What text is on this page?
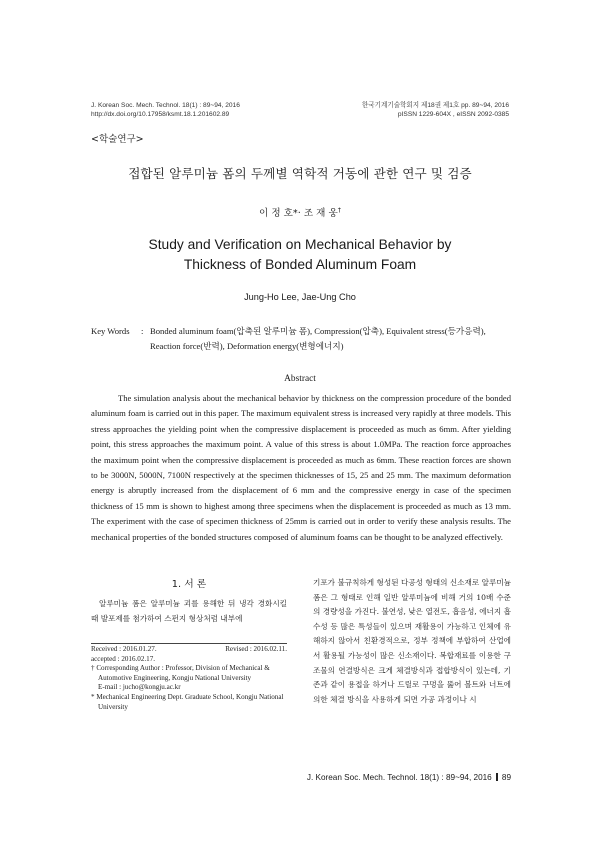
J. Korean Soc. Mech. Technol. 18(1) : 89~94, 2016
http://dx.doi.org/10.17958/ksmt.18.1.201602.89
한국기계기술학회지 제18권 제1호 pp. 89~94, 2016
pISSN 1229-604X , eISSN 2092-0385
<학술연구>
접합된 알루미늄 폼의 두께별 역학적 거동에 관한 연구 및 검증
이 정 호*· 조 재 웅†
Study and Verification on Mechanical Behavior by
Thickness of Bonded Aluminum Foam
Jung-Ho Lee, Jae-Ung Cho
Key Words	: Bonded aluminum foam(압축된 알루미늄 폼), Compression(압축), Equivalent stress(등가응력), Reaction force(반력), Deformation energy(변형에너지)
Abstract

The simulation analysis about the mechanical behavior by thickness on the compression procedure of the bonded aluminum foam is carried out in this paper. The maximum equivalent stress is increased very rapidly at three models. This stress approaches the yielding point when the compressive displacement is proceeded as much as 6mm. After yielding point, this stress approaches the maximum point. A value of this stress is about 1.0MPa. The reaction force approaches the maximum point when the compressive displacement is proceeded as much as 6mm. These reaction forces are shown to be 3000N, 5000N, 7100N respectively at the specimen thicknesses of 15, 25 and 25 mm. The maximum deformation energy is abruptly increased from the displacement of 6 mm and the compressive energy in case of the specimen thickness of 15 mm is shown to highest among three specimens when the displacement is proceeded as much as 13 mm. The experiment with the case of specimen thickness of 25mm is carried out in order to verify these analysis results. The mechanical properties of the bonded structures composed of aluminum foams can be thought to be analyzed effectively.

1. 서 론

알루미늄 폼은 알루미늄 괴를 용해한 뒤 냉각 경화시킬 때 발포제를 첨가하여 스펀지 형상처럼 내부에

Received : 2016.01.27.	Revised : 2016.02.11.
accepted : 2016.02.17.
† Corresponding Author : Professor, Division of Mechanical & Automotive Engineering, Kongju National University
E-mail : jucho@kongju.ac.kr
* Mechanical Engineering Dept. Graduate School, Kongju National University

기포가 불규칙하게 형성된 다공성 형태의 신소재로 알루미늄 폼은 그 형태로 인해 일반 알루미늄에 비해 거의 10배 수준의 경량성을 가진다. 불연성, 낮은 열전도, 흡음성, 에너지 흡수성 등 많은 특성들이 있으며 재활용이 가능하고 인체에 유해하지 않아서 친환경적으로, 정부 정책에 부합하여 산업에서 활용될 가능성이 많은 신소재이다. 복합재료를 이용한 구조물의 연결방식은 크게 체결방식과 접합방식이 있는데, 기존과 같이 용접을 하거나 드릴로 구멍을 뚫어 볼트와 너트에 의한 체결 방식을 사용하게 되면 가공 과정이나 시

J. Korean Soc. Mech. Technol. 18(1) : 89~94, 2016 89
